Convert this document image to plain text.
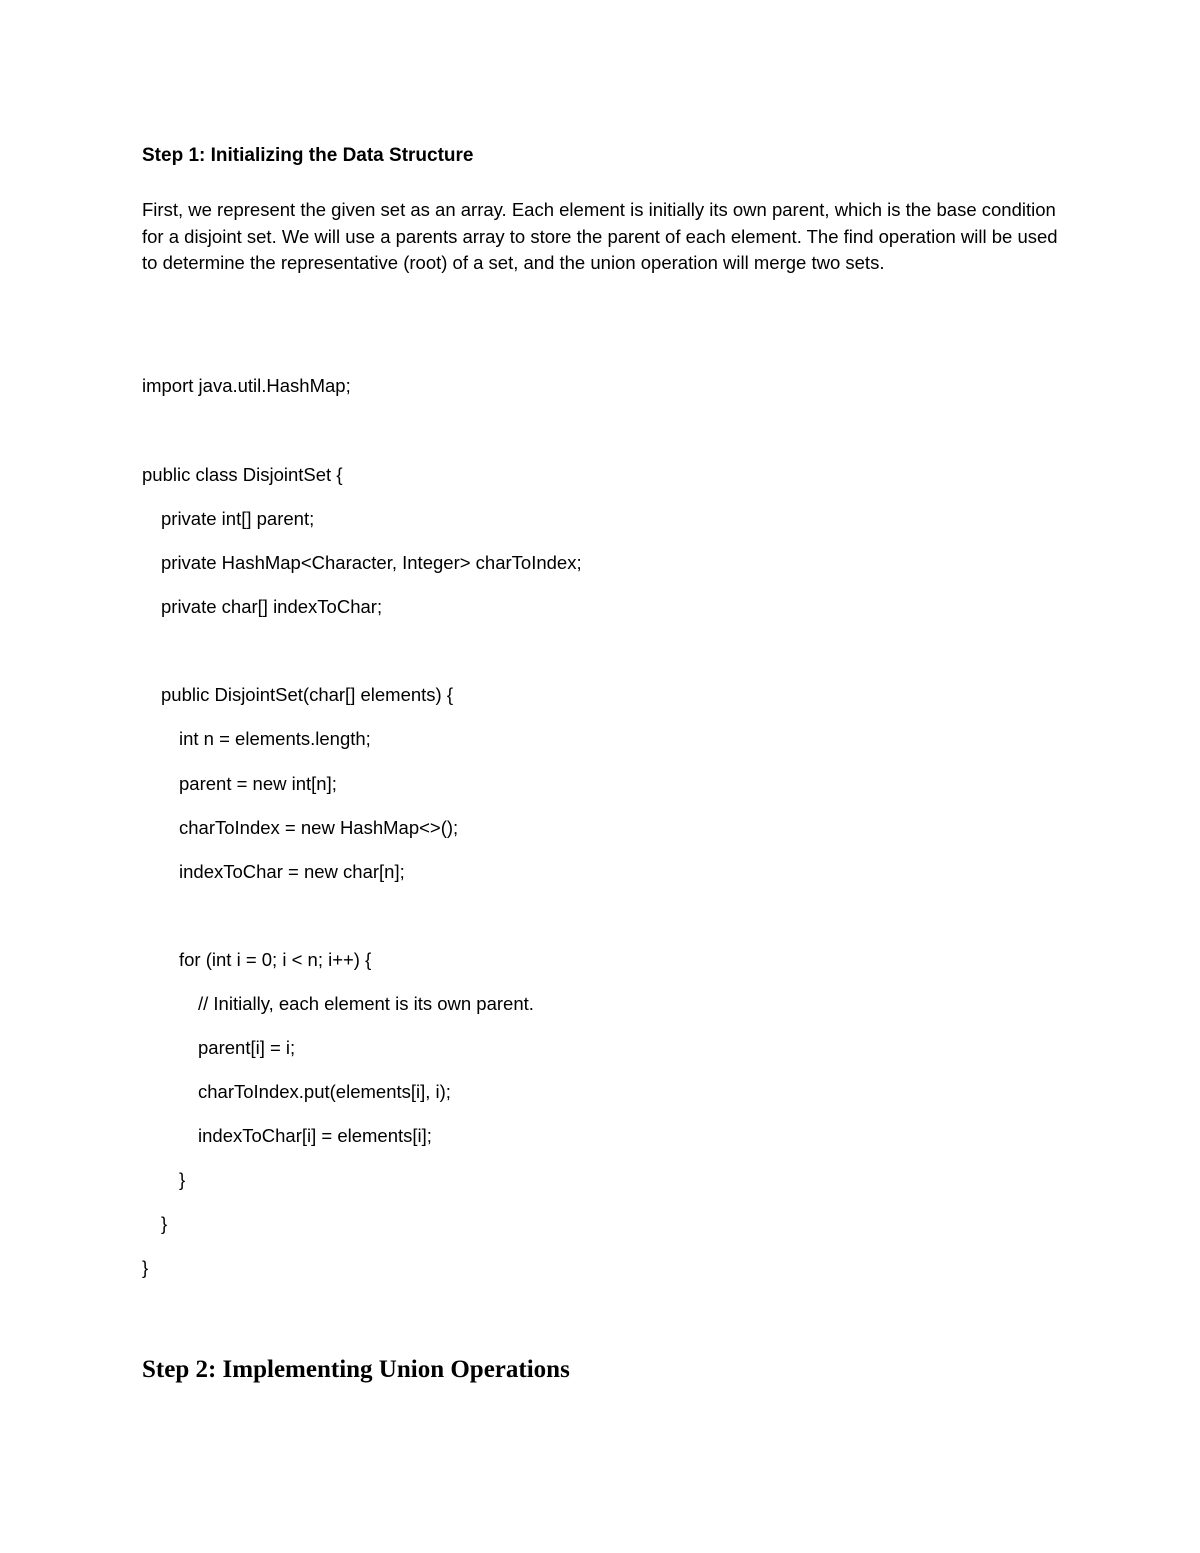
Step 1: Initializing the Data Structure

First, we represent the given set as an array. Each element is initially its own parent, which is the base condition for a disjoint set. We will use a parents array to store the parent of each element. The find operation will be used to determine the representative (root) of a set, and the union operation will merge two sets.

import java.util.HashMap;
public class DisjointSet {
private int[] parent;
private HashMap<Character, Integer> charToIndex;
private char[] indexToChar;
public DisjointSet(char[] elements) {
int n = elements.length;
parent = new int[n];
charToIndex = new HashMap<>();
indexToChar = new char[n];
for (int i = 0; i < n; i++) {
// Initially, each element is its own parent.
parent[i] = i;
charToIndex.put(elements[i], i);
indexToChar[i] = elements[i];
}
}
}
Step 2: Implementing Union Operations
